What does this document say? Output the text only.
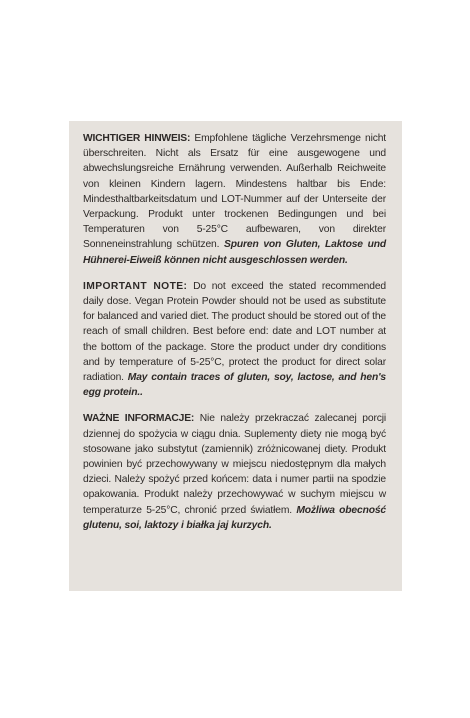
WICHTIGER HINWEIS: Empfohlene tägliche Verzehrsmenge nicht überschreiten. Nicht als Ersatz für eine ausgewogene und abwechslungsreiche Ernährung verwenden. Außerhalb Reichweite von kleinen Kindern lagern. Mindestens haltbar bis Ende: Mindesthaltbarkeitsdatum und LOT-Nummer auf der Unterseite der Verpackung. Produkt unter trockenen Bedingungen und bei Temperaturen von 5-25°C aufbewaren, von direkter Sonneneinstrahlung schützen. Spuren von Gluten, Laktose und Hühnerei-Eiweiß können nicht ausgeschlossen werden.

IMPORTANT NOTE: Do not exceed the stated recommended daily dose. Vegan Protein Powder should not be used as substitute for balanced and varied diet. The product should be stored out of the reach of small children. Best before end: date and LOT number at the bottom of the package. Store the product under dry conditions and by temperature of 5-25°C, protect the product for direct solar radiation. May contain traces of gluten, soy, lactose, and hen's egg protein..

WAŻNE INFORMACJE: Nie należy przekraczać zalecanej porcji dziennej do spożycia w ciągu dnia. Suplementy diety nie mogą być stosowane jako substytut (zamiennik) zróżnicowanej diety. Produkt powinien być przechowywany w miejscu niedostępnym dla małych dzieci. Należy spożyć przed końcem: data i numer partii na spodzie opakowania. Produkt należy przechowywać w suchym miejscu w temperaturze 5-25°C, chronić przed światłem. Możliwa obecność glutenu, soi, laktozy i białka jaj kurzych.
